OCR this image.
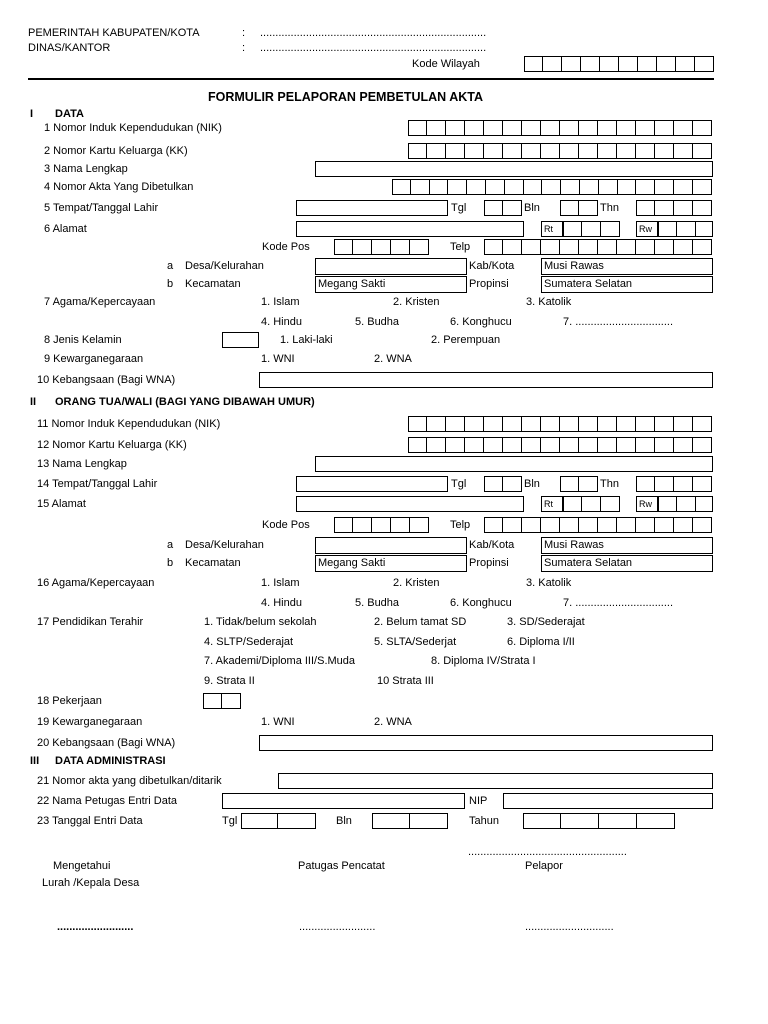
PEMERINTAH KABUPATEN/KOTA	: ..........................................................................
DINAS/KANTOR	: ..........................................................................
Kode Wilayah
FORMULIR PELAPORAN PEMBETULAN AKTA
I DATA
1 Nomor Induk Kependudukan (NIK)
2 Nomor Kartu Keluarga (KK)
3 Nama Lengkap
4 Nomor Akta Yang Dibetulkan
5 Tempat/Tanggal Lahir	Tgl	Bln	Thn
6 Alamat	Rt	Rw
Kode Pos	Telp
a Desa/Kelurahan	Kab/Kota	Musi Rawas
b Kecamatan	Megang Sakti	Propinsi	Sumatera Selatan
7 Agama/Kepercayaan	1. Islam	2. Kristen	3. Katolik
4. Hindu	5. Budha	6. Konghucu	7. ................................
8 Jenis Kelamin	1. Laki-laki	2. Perempuan
9 Kewarganegaraan	1. WNI	2. WNA
10 Kebangsaan (Bagi WNA)
II ORANG TUA/WALI (BAGI YANG DIBAWAH UMUR)
11 Nomor Induk Kependudukan (NIK)
12 Nomor Kartu Keluarga (KK)
13 Nama Lengkap
14 Tempat/Tanggal Lahir	Tgl	Bln	Thn
15 Alamat	Rt	Rw
Kode Pos	Telp
a Desa/Kelurahan	Kab/Kota	Musi Rawas
b Kecamatan	Megang Sakti	Propinsi	Sumatera Selatan
16 Agama/Kepercayaan	1. Islam	2. Kristen	3. Katolik
4. Hindu	5. Budha	6. Konghucu	7. ................................
17 Pendidikan Terahir	1. Tidak/belum sekolah	2. Belum tamat SD	3. SD/Sederajat
4. SLTP/Sederajat	5. SLTA/Sederjat	6. Diploma I/II
7. Akademi/Diploma III/S.Muda	8. Diploma IV/Strata I
9. Strata II	10 Strata III
18 Pekerjaan
19 Kewarganegaraan	1. WNI	2. WNA
20 Kebangsaan (Bagi WNA)
III DATA ADMINISTRASI
21 Nomor akta yang dibetulkan/ditarik
22 Nama Petugas Entri Data	NIP
23 Tanggal Entri Data	Tgl	Bln	Tahun
....................................................
Mengetahui
Lurah /Kepala Desa
Patugas Pencatat	Pelapor
.........................	.........................	.............................
